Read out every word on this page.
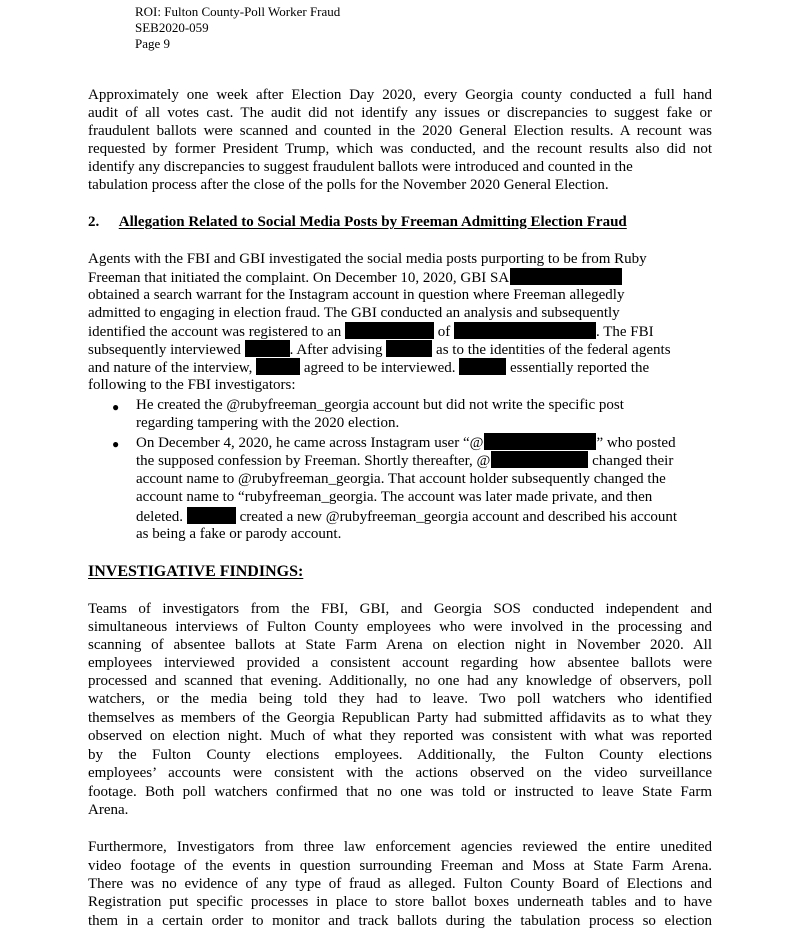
ROI: Fulton County-Poll Worker Fraud
SEB2020-059
Page 9
Approximately one week after Election Day 2020, every Georgia county conducted a full hand
audit of all votes cast. The audit did not identify any issues or discrepancies to suggest fake or
fraudulent ballots were scanned and counted in the 2020 General Election results. A recount was
requested by former President Trump, which was conducted, and the recount results also did not
identify any discrepancies to suggest fraudulent ballots were introduced and counted in the
tabulation process after the close of the polls for the November 2020 General Election.
2. Allegation Related to Social Media Posts by Freeman Admitting Election Fraud
Agents with the FBI and GBI investigated the social media posts purporting to be from Ruby
Freeman that initiated the complaint. On December 10, 2020, GBI SA
obtained a search warrant for the Instagram account in question where Freeman allegedly
admitted to engaging in election fraud. The GBI conducted an analysis and subsequently
identified the account was registered to an	of	. The FBI
subsequently interviewed	. After advising	as to the identities of the federal agents
and nature of the interview,	agreed to be interviewed.	essentially reported the
following to the FBI investigators:
● He created the @rubyfreeman_georgia account but did not write the specific post
regarding tampering with the 2020 election.
● On December 4, 2020, he came across Instagram user “@	” who posted
the supposed confession by Freeman. Shortly thereafter, @	changed their
account name to @rubyfreeman_georgia. That account holder subsequently changed the
account name to “rubyfreeman_georgia. The account was later made private, and then
deleted.	created a new @rubyfreeman_georgia account and described his account
as being a fake or parody account.
INVESTIGATIVE FINDINGS:
Teams of investigators from the FBI, GBI, and Georgia SOS conducted independent and
simultaneous interviews of Fulton County employees who were involved in the processing and
scanning of absentee ballots at State Farm Arena on election night in November 2020. All
employees interviewed provided a consistent account regarding how absentee ballots were
processed and scanned that evening. Additionally, no one had any knowledge of observers, poll
watchers, or the media being told they had to leave. Two poll watchers who identified
themselves as members of the Georgia Republican Party had submitted affidavits as to what they
observed on election night. Much of what they reported was consistent with what was reported
by the Fulton County elections employees. Additionally, the Fulton County elections
employees’ accounts were consistent with the actions observed on the video surveillance
footage. Both poll watchers confirmed that no one was told or instructed to leave State Farm
Arena.
Furthermore, Investigators from three law enforcement agencies reviewed the entire unedited
video footage of the events in question surrounding Freeman and Moss at State Farm Arena.
There was no evidence of any type of fraud as alleged. Fulton County Board of Elections and
Registration put specific processes in place to store ballot boxes underneath tables and to have
them in a certain order to monitor and track ballots during the tabulation process so election
